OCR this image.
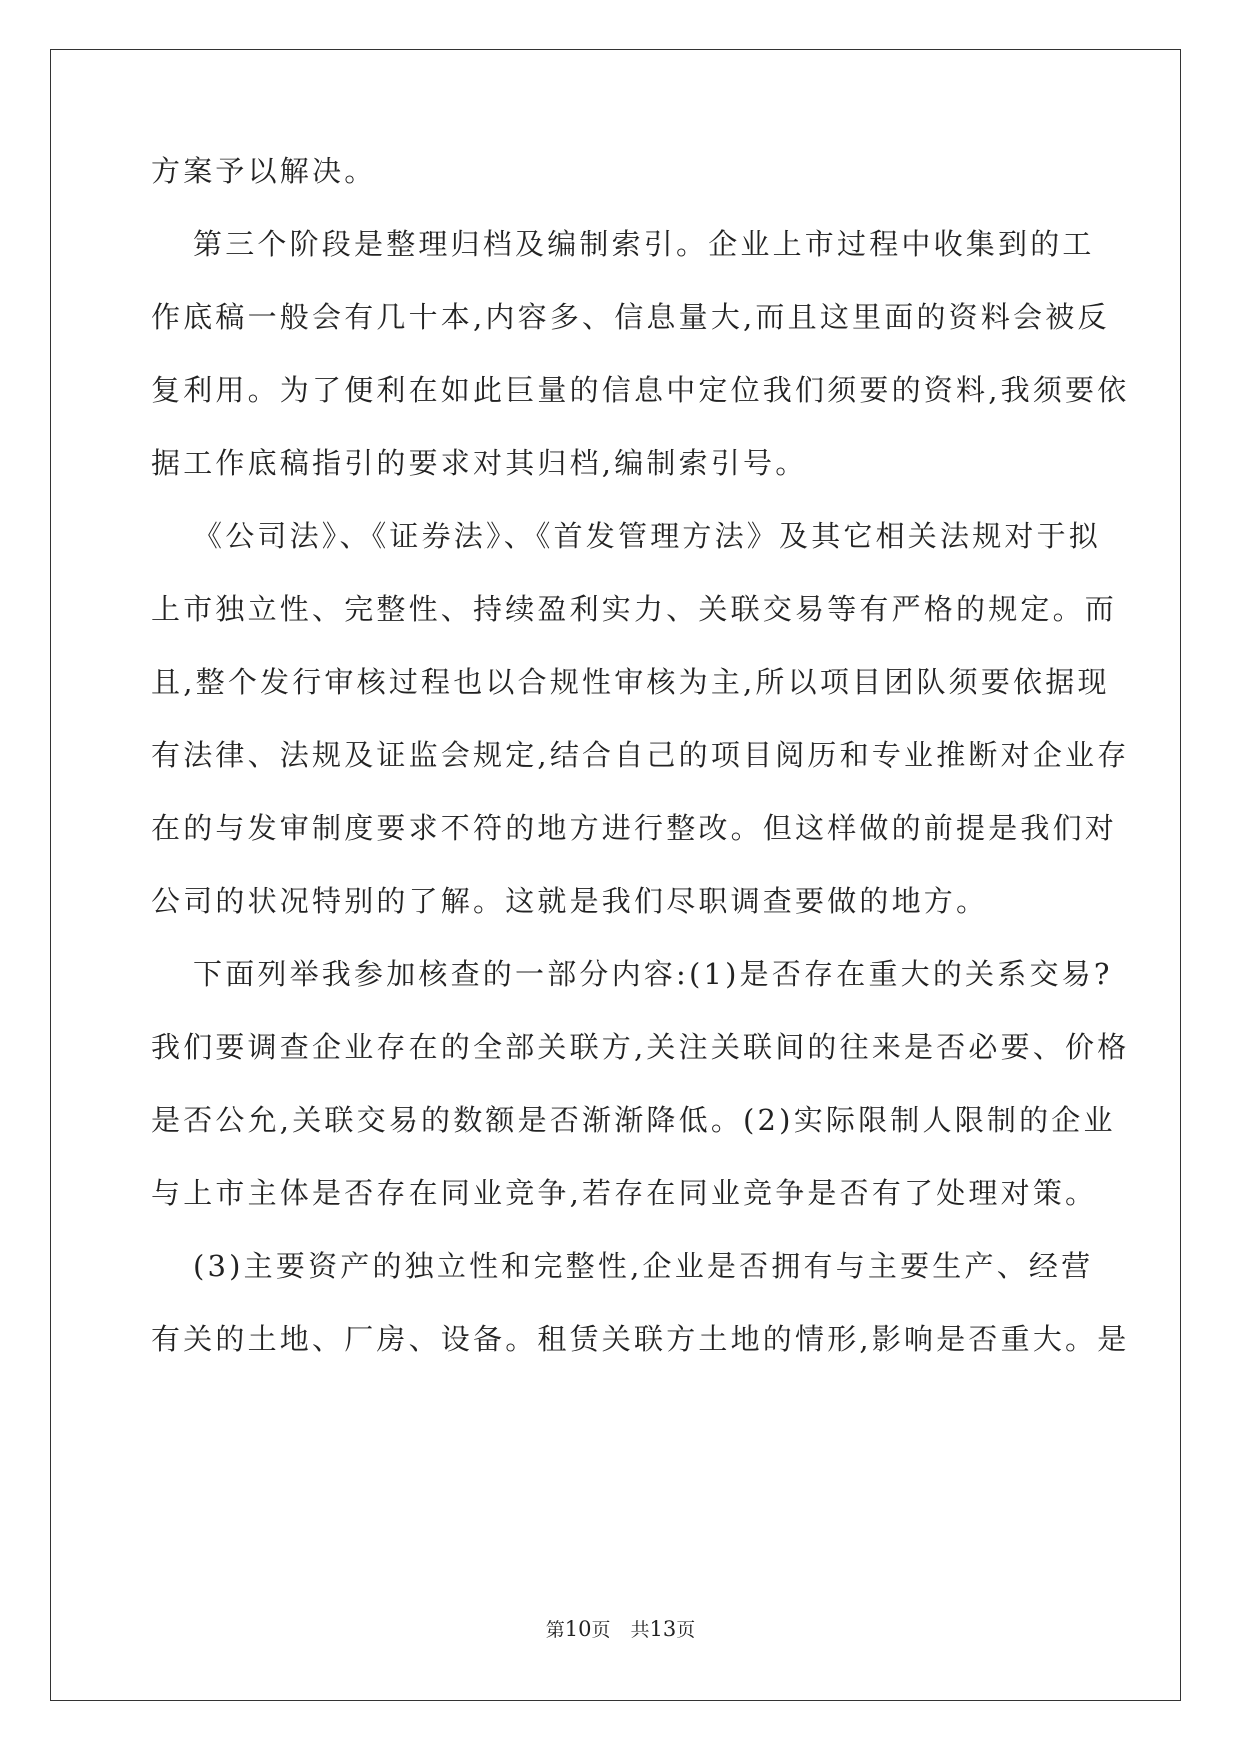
方案予以解决。
第三个阶段是整理归档及编制索引。企业上市过程中收集到的工
作底稿一般会有几十本,内容多、信息量大,而且这里面的资料会被反
复利用。为了便利在如此巨量的信息中定位我们须要的资料,我须要依
据工作底稿指引的要求对其归档,编制索引号。
《公司法》、《证券法》、《首发管理方法》及其它相关法规对于拟
上市独立性、完整性、持续盈利实力、关联交易等有严格的规定。而
且,整个发行审核过程也以合规性审核为主,所以项目团队须要依据现
有法律、法规及证监会规定,结合自己的项目阅历和专业推断对企业存
在的与发审制度要求不符的地方进行整改。但这样做的前提是我们对
公司的状况特别的了解。这就是我们尽职调查要做的地方。
下面列举我参加核查的一部分内容:(1)是否存在重大的关系交易?
我们要调查企业存在的全部关联方,关注关联间的往来是否必要、价格
是否公允,关联交易的数额是否渐渐降低。(2)实际限制人限制的企业
与上市主体是否存在同业竞争,若存在同业竞争是否有了处理对策。
(3)主要资产的独立性和完整性,企业是否拥有与主要生产、经营
有关的土地、厂房、设备。租赁关联方土地的情形,影响是否重大。是
第10页 共13页
